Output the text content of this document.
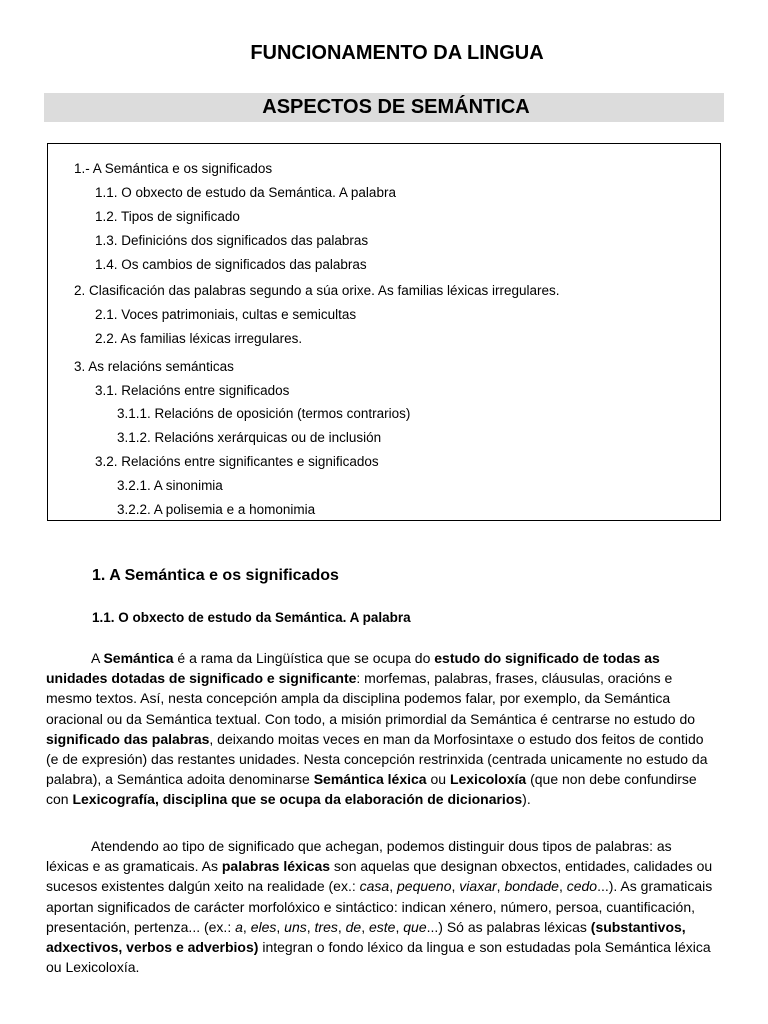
FUNCIONAMENTO DA LINGUA
ASPECTOS DE SEMÁNTICA

1.- A Semántica e os significados

1.1. O obxecto de estudo da Semántica. A palabra

1.2. Tipos de significado

1.3. Definicións dos significados das palabras

1.4. Os cambios de significados das palabras

2. Clasificación das palabras segundo a súa orixe. As familias léxicas irregulares.

2.1. Voces patrimoniais, cultas e semicultas

2.2. As familias léxicas irregulares.

3. As relacións semánticas

3.1. Relacións entre significados

3.1.1. Relacións de oposición (termos contrarios)

3.1.2. Relacións xerárquicas ou de inclusión

3.2. Relacións entre significantes e significados

3.2.1. A sinonimia

3.2.2. A polisemia e a homonimia

1. A Semántica e os significados
1.1. O obxecto de estudo da Semántica. A palabra

A Semántica é a rama da Lingüística que se ocupa do estudo do significado de todas as unidades dotadas de significado e significante: morfemas, palabras, frases, cláusulas, oracións e mesmo textos. Así, nesta concepción ampla da disciplina podemos falar, por exemplo, da Semántica oracional ou da Semántica textual. Con todo, a misión primordial da Semántica é centrarse no estudo do significado das palabras, deixando moitas veces en man da Morfosintaxe o estudo dos feitos de contido (e de expresión) das restantes unidades. Nesta concepción restrinxida (centrada unicamente no estudo da palabra), a Semántica adoita denominarse Semántica léxica ou Lexicoloxía (que non debe confundirse con Lexicografía, disciplina que se ocupa da elaboración de dicionarios).

Atendendo ao tipo de significado que achegan, podemos distinguir dous tipos de palabras: as léxicas e as gramaticais. As palabras léxicas son aquelas que designan obxectos, entidades, calidades ou sucesos existentes dalgún xeito na realidade (ex.: casa, pequeno, viaxar, bondade, cedo...). As gramaticais aportan significados de carácter morfolóxico e sintáctico: indican xénero, número, persoa, cuantificación, presentación, pertenza... (ex.: a, eles, uns, tres, de, este, que...) Só as palabras léxicas (substantivos, adxectivos, verbos e adverbios) integran o fondo léxico da lingua e son estudadas pola Semántica léxica ou Lexicoloxía.
